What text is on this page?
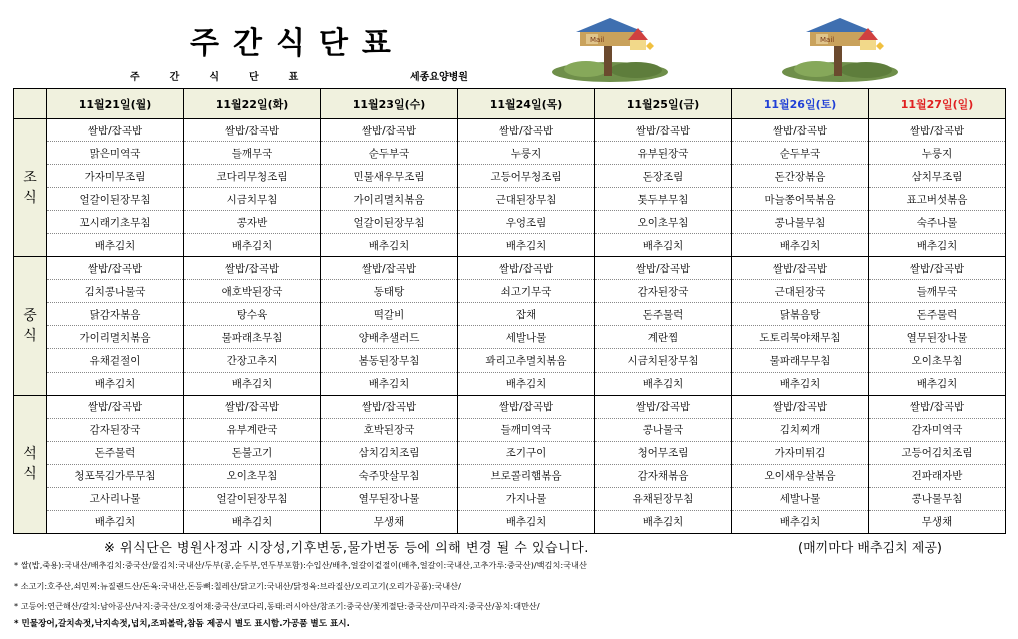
주간식단표
주간식단표	세종요양병원
Mail	Mail
	11월21일(월)	11월22일(화)	11월23일(수)	11월24일(목)	11월25일(금)	11월26일(토)	11월27일(일)

조
식	쌀밥/잡곡밥	쌀밥/잡곡밥	쌀밥/잡곡밥	쌀밥/잡곡밥	쌀밥/잡곡밥	쌀밥/잡곡밥	쌀밥/잡곡밥
	맑은미역국	들깨무국	순두부국	누룽지	유부된장국	순두부국	누룽지
	가자미무조림	코다리무청조림	민물새우무조림	고등어무청조림	돈장조림	돈간장볶음	삼치무조림
	얼갈이된장무침	시금치무침	가이리멸치볶음	근대된장무침	톳두부무침	마늘쫑어묵볶음	표고버섯볶음
	꼬시래기초무침	콩자반	얼갈이된장무침	우엉조림	오이초무침	콩나물무침	숙주나물
	배추김치	배추김치	배추김치	배추김치	배추김치	배추김치	배추김치

중
식	쌀밥/잡곡밥	쌀밥/잡곡밥	쌀밥/잡곡밥	쌀밥/잡곡밥	쌀밥/잡곡밥	쌀밥/잡곡밥	쌀밥/잡곡밥
	김치콩나물국	애호박된장국	동태탕	쇠고기무국	감자된장국	근대된장국	들깨무국
	닭감자볶음	탕수육	떡갈비	잡채	돈주물럭	닭볶음탕	돈주물럭
	가이리멸치볶음	물파래초무침	양배추샐러드	세발나물	계란찜	도토리묵야채무침	열무된장나물
	유채겉절이	간장고추지	봄동된장무침	꽈리고추멸치볶음	시금치된장무침	물파래무무침	오이초무침
	배추김치	배추김치	배추김치	배추김치	배추김치	배추김치	배추김치

석
식	쌀밥/잡곡밥	쌀밥/잡곡밥	쌀밥/잡곡밥	쌀밥/잡곡밥	쌀밥/잡곡밥	쌀밥/잡곡밥	쌀밥/잡곡밥
	감자된장국	유부계란국	호박된장국	들깨미역국	콩나물국	김치찌개	감자미역국
	돈주물럭	돈불고기	삼치김치조림	조기구이	청어무조림	가자미튀김	고등어김치조림
	청포묵김가루무침	오이초무침	숙주맛살무침	브로콜리햄볶음	감자채볶음	오이새우살볶음	건파래자반
	고사리나물	얼갈이된장무침	열무된장나물	가지나물	유채된장무침	세발나물	콩나물무침
	배추김치	배추김치	무생채	배추김치	배추김치	배추김치	무생채
※ 위식단은 병원사정과 시장성,기후변동,물가변동 등에 의해 변경 될 수 있습니다.	(매끼마다 배추김치 제공)
* 쌀(밥,죽용):국내산/배추김치:중국산/물김치:국내산/두부(콩,순두부,연두부포함):수입산/배추,얼갈이겉절이(배추,얼갈이:국내산,고추가루:중국산)/백김치:국내산
* 소고기:호주산,쇠민찌:뉴질랜드산/돈육:국내산,돈등뼈:칠레산/닭고기:국내산/닭정육:브라질산/오리고기(오리가공품):국내산/
* 고등어:연근해산/갈치:남아공산/낙지:중국산/오징어채:중국산/코다리,동태:러시아산/참조기:중국산/꽃게절단:중국산/미꾸라지:중국산/꽁치:대만산/
* 민물장어,갈치속젓,낙지속젓,넙치,조피볼락,참돔 제공시 별도 표시함.가공품 별도 표시.
